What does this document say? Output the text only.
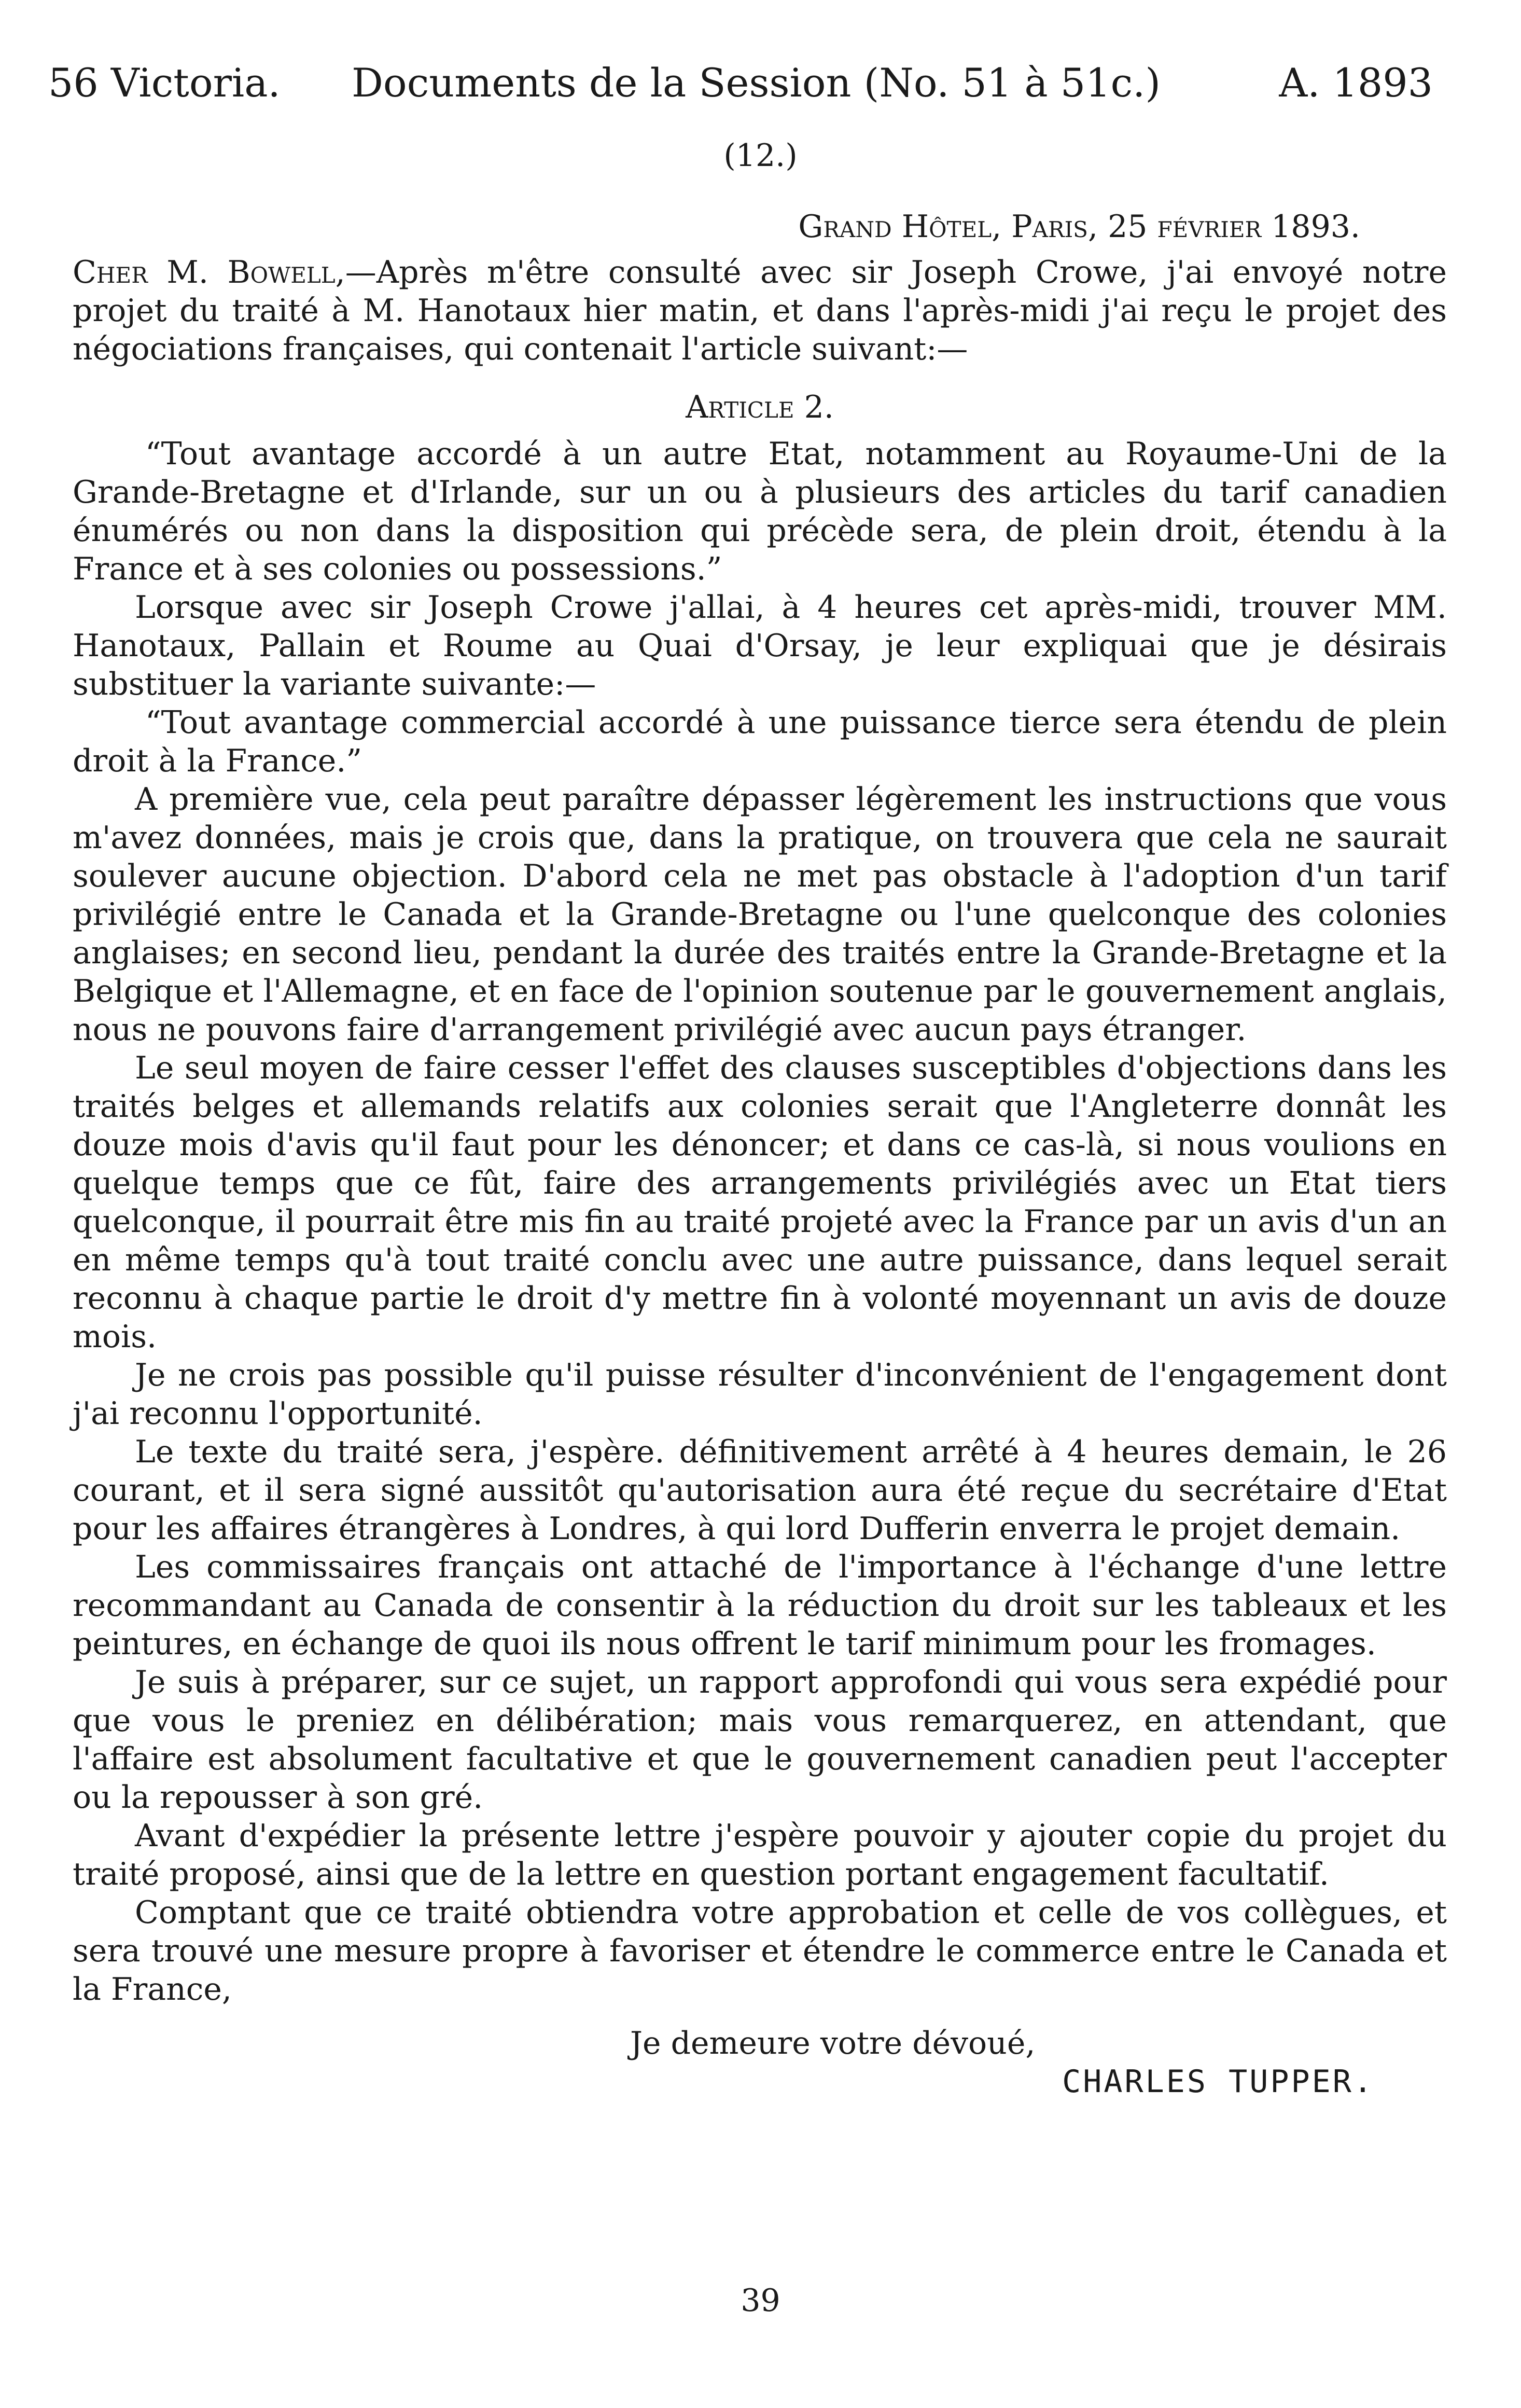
56 Victoria. Documents de la Session (No. 51 à 51c.)	A. 1893
(12.)
Grand Hôtel, Paris, 25 février 1893.

Cher M. Bowell,—Après m'être consulté avec sir Joseph Crowe, j'ai envoyé notre projet du traité à M. Hanotaux hier matin, et dans l'après-midi j'ai reçu le projet des négociations françaises, qui contenait l'article suivant:—

Article 2.

“Tout avantage accordé à un autre Etat, notamment au Royaume-Uni de la Grande-Bretagne et d'Irlande, sur un ou à plusieurs des articles du tarif canadien énumérés ou non dans la disposition qui précède sera, de plein droit, étendu à la France et à ses colonies ou possessions.”

Lorsque avec sir Joseph Crowe j'allai, à 4 heures cet après-midi, trouver MM. Hanotaux, Pallain et Roume au Quai d'Orsay, je leur expliquai que je désirais substituer la variante suivante:—

“Tout avantage commercial accordé à une puissance tierce sera étendu de plein droit à la France.”

A première vue, cela peut paraître dépasser légèrement les instructions que vous m'avez données, mais je crois que, dans la pratique, on trouvera que cela ne saurait soulever aucune objection. D'abord cela ne met pas obstacle à l'adoption d'un tarif privilégié entre le Canada et la Grande-Bretagne ou l'une quelconque des colonies anglaises; en second lieu, pendant la durée des traités entre la Grande-Bretagne et la Belgique et l'Allemagne, et en face de l'opinion soutenue par le gouvernement anglais, nous ne pouvons faire d'arrangement privilégié avec aucun pays étranger.

Le seul moyen de faire cesser l'effet des clauses susceptibles d'objections dans les traités belges et allemands relatifs aux colonies serait que l'Angleterre donnât les douze mois d'avis qu'il faut pour les dénoncer; et dans ce cas-là, si nous voulions en quelque temps que ce fût, faire des arrangements privilégiés avec un Etat tiers quelconque, il pourrait être mis fin au traité projeté avec la France par un avis d'un an en même temps qu'à tout traité conclu avec une autre puissance, dans lequel serait reconnu à chaque partie le droit d'y mettre fin à volonté moyennant un avis de douze mois.

Je ne crois pas possible qu'il puisse résulter d'inconvénient de l'engagement dont j'ai reconnu l'opportunité.

Le texte du traité sera, j'espère. définitivement arrêté à 4 heures demain, le 26 courant, et il sera signé aussitôt qu'autorisation aura été reçue du secrétaire d'Etat pour les affaires étrangères à Londres, à qui lord Dufferin enverra le projet demain.

Les commissaires français ont attaché de l'importance à l'échange d'une lettre recommandant au Canada de consentir à la réduction du droit sur les tableaux et les peintures, en échange de quoi ils nous offrent le tarif minimum pour les fromages.

Je suis à préparer, sur ce sujet, un rapport approfondi qui vous sera expédié pour que vous le preniez en délibération; mais vous remarquerez, en attendant, que l'affaire est absolument facultative et que le gouvernement canadien peut l'accepter ou la repousser à son gré.

Avant d'expédier la présente lettre j'espère pouvoir y ajouter copie du projet du traité proposé, ainsi que de la lettre en question portant engagement facultatif.

Comptant que ce traité obtiendra votre approbation et celle de vos collègues, et sera trouvé une mesure propre à favoriser et étendre le commerce entre le Canada et la France,

Je demeure votre dévoué,

CHARLES TUPPER.

39
